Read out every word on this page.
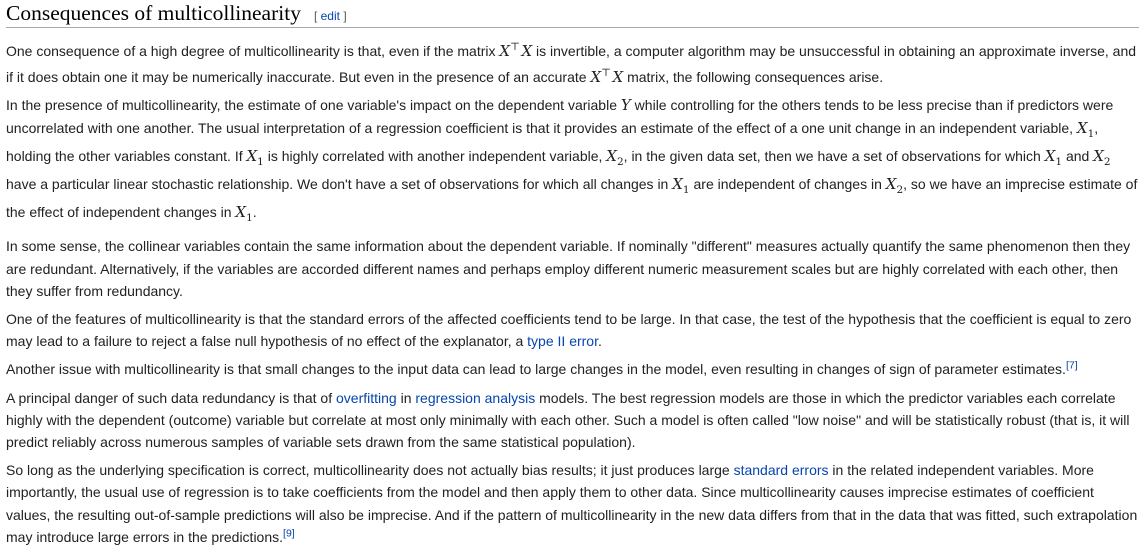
Consequences of multicollinearity [ edit ]

One consequence of a high degree of multicollinearity is that, even if the matrix X⊤  X is invertible, a computer algorithm may be unsuccessful in obtaining an approximate inverse, and if it does obtain one it may be numerically inaccurate. But even in the presence of an accurate X⊤  X matrix, the following consequences arise.

In the presence of multicollinearity, the estimate of one variable's impact on the dependent variable Y while controlling for the others tends to be less precise than if predictors were uncorrelated with one another. The usual interpretation of a regression coefficient is that it provides an estimate of the effect of a one unit change in an independent variable, $X_1$, holding the other variables constant. If $X_1$ is highly correlated with another independent variable, $X_2$, in the given data set, then we have a set of observations for which $X_1$ and $X_2$ have a particular linear stochastic relationship. We don't have a set of observations for which all changes in $X_1$ are independent of changes in $X_2$, so we have an imprecise estimate of the effect of independent changes in $X_1$.

In some sense, the collinear variables contain the same information about the dependent variable. If nominally "different" measures actually quantify the same phenomenon then they are redundant. Alternatively, if the variables are accorded different names and perhaps employ different numeric measurement scales but are highly correlated with each other, then they suffer from redundancy.

One of the features of multicollinearity is that the standard errors of the affected coefficients tend to be large. In that case, the test of the hypothesis that the coefficient is equal to zero may lead to a failure to reject a false null hypothesis of no effect of the explanator, a type II error.

Another issue with multicollinearity is that small changes to the input data can lead to large changes in the model, even resulting in changes of sign of parameter estimates.[7]

A principal danger of such data redundancy is that of overfitting in regression analysis models. The best regression models are those in which the predictor variables each correlate highly with the dependent (outcome) variable but correlate at most only minimally with each other. Such a model is often called "low noise" and will be statistically robust (that is, it will predict reliably across numerous samples of variable sets drawn from the same statistical population).

So long as the underlying specification is correct, multicollinearity does not actually bias results; it just produces large standard errors in the related independent variables. More importantly, the usual use of regression is to take coefficients from the model and then apply them to other data. Since multicollinearity causes imprecise estimates of coefficient values, the resulting out-of-sample predictions will also be imprecise. And if the pattern of multicollinearity in the new data differs from that in the data that was fitted, such extrapolation may introduce large errors in the predictions.[9]
